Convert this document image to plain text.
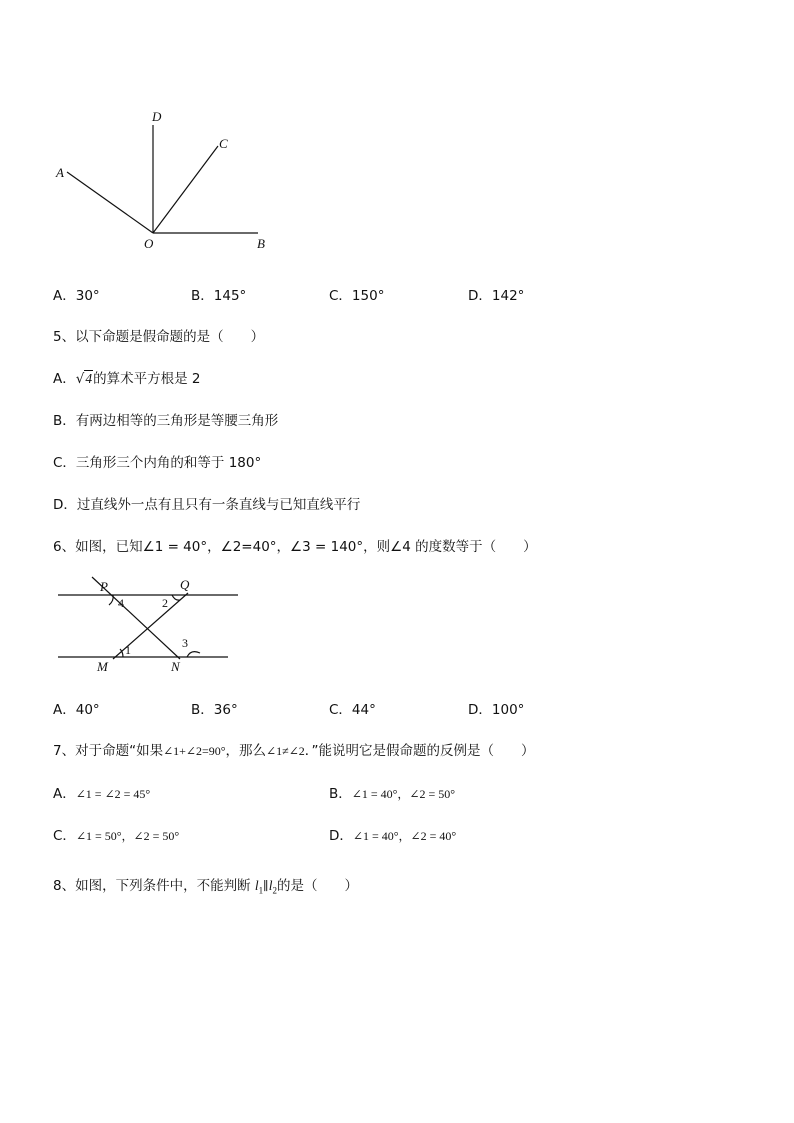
D
C
A
O	B
A．30°	B．145°	C．150°	D．142°
5、以下命题是假命题的是（　　）
A．√4的算术平方根是 2
B．有两边相等的三角形是等腰三角形
C．三角形三个内角的和等于 180°
D．过直线外一点有且只有一条直线与已知直线平行
6、如图，已知∠1 = 40°，∠2=40°，∠3 = 140°，则∠4 的度数等于（　　）
P	Q
M	N
4	2
1	3
A．40°	B．36°	C．44°	D．100°
7、对于命题“如果∠1+∠2=90°，那么∠1≠∠2．”能说明它是假命题的反例是（　　）
A．∠1 = ∠2 = 45°	B．∠1 = 40°，∠2 = 50°
C．∠1 = 50°，∠2 = 50°	D．∠1 = 40°，∠2 = 40°
8、如图，下列条件中，不能判断 $l_1\parallel l_2$的是（　　）
